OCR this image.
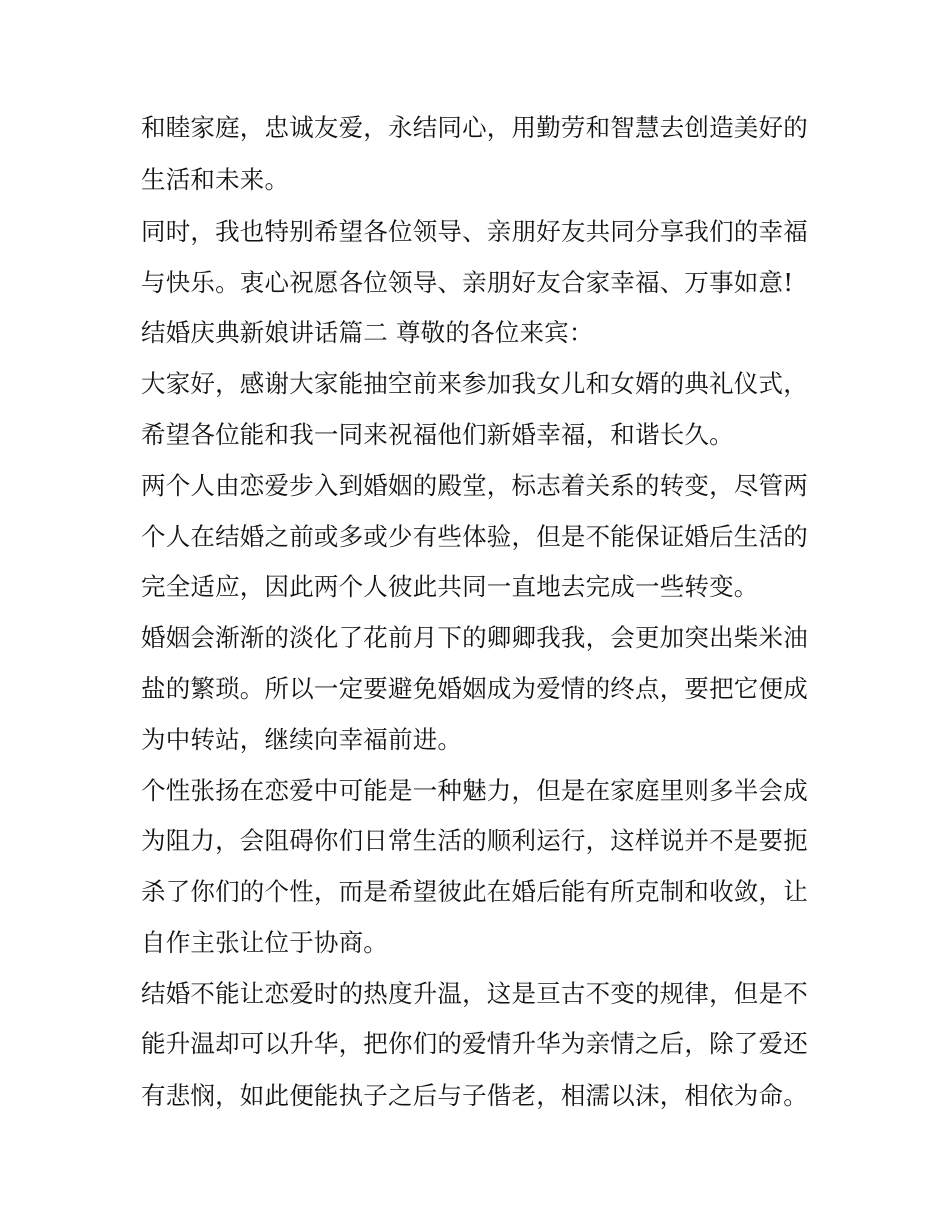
和睦家庭，忠诚友爱，永结同心，用勤劳和智慧去创造美好的
生活和未来。
同时，我也特别希望各位领导、亲朋好友共同分享我们的幸福
与快乐。衷心祝愿各位领导、亲朋好友合家幸福、万事如意!
结婚庆典新娘讲话篇二 尊敬的各位来宾：
大家好，感谢大家能抽空前来参加我女儿和女婿的典礼仪式，
希望各位能和我一同来祝福他们新婚幸福，和谐长久。
两个人由恋爱步入到婚姻的殿堂，标志着关系的转变，尽管两
个人在结婚之前或多或少有些体验，但是不能保证婚后生活的
完全适应，因此两个人彼此共同一直地去完成一些转变。
婚姻会渐渐的淡化了花前月下的卿卿我我，会更加突出柴米油
盐的繁琐。所以一定要避免婚姻成为爱情的终点，要把它便成
为中转站，继续向幸福前进。
个性张扬在恋爱中可能是一种魅力，但是在家庭里则多半会成
为阻力，会阻碍你们日常生活的顺利运行，这样说并不是要扼
杀了你们的个性，而是希望彼此在婚后能有所克制和收敛，让
自作主张让位于协商。
结婚不能让恋爱时的热度升温，这是亘古不变的规律，但是不
能升温却可以升华，把你们的爱情升华为亲情之后，除了爱还
有悲悯，如此便能执子之后与子偕老，相濡以沫，相依为命。
